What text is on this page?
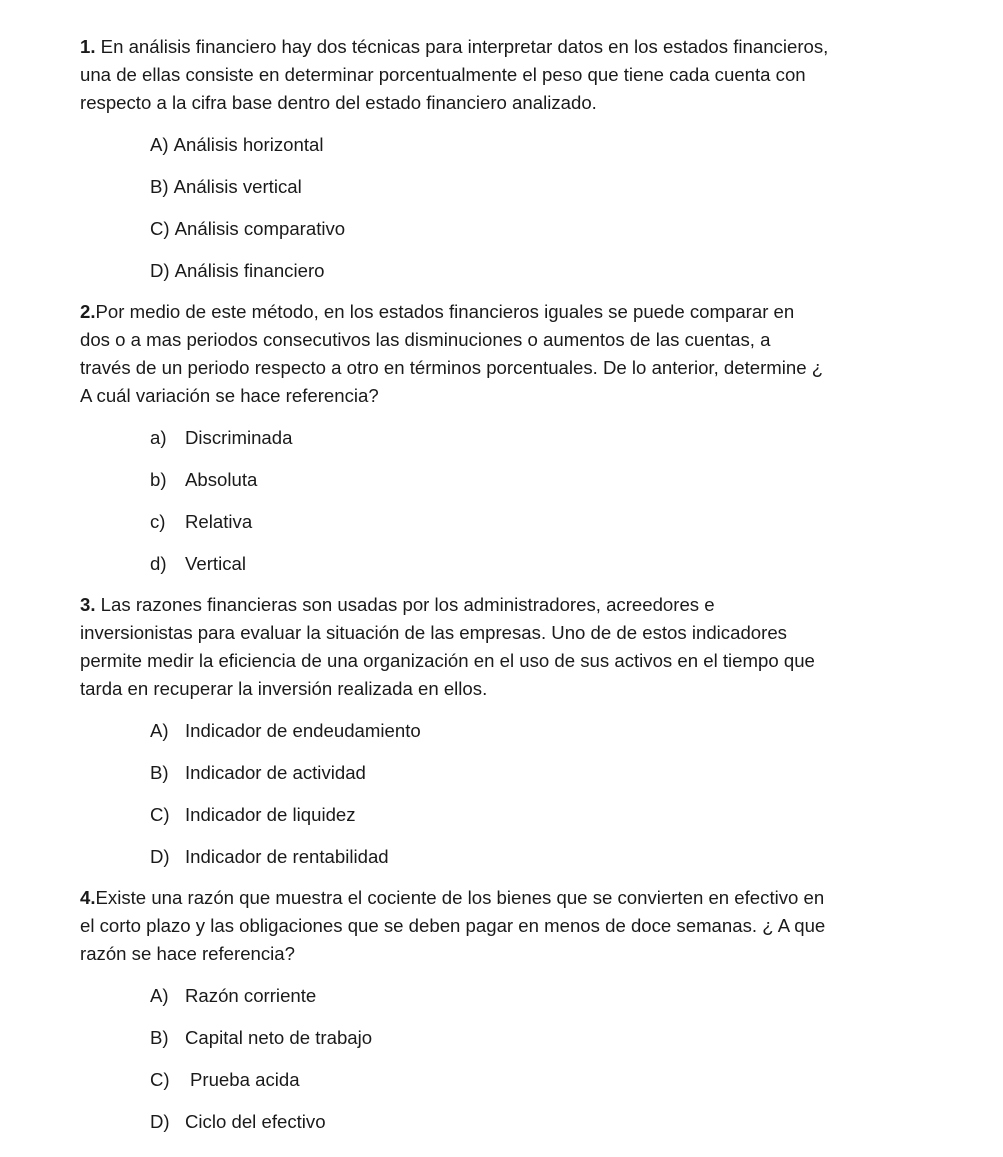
1. En análisis financiero hay dos técnicas para interpretar datos en los estados financieros,
una de ellas consiste en determinar porcentualmente el peso que tiene cada cuenta con
respecto a la cifra base dentro del estado financiero analizado.
A) Análisis horizontal
B) Análisis vertical
C) Análisis comparativo
D) Análisis financiero
2.Por medio de este método, en los estados financieros iguales se puede comparar en
dos o a mas periodos consecutivos las disminuciones o aumentos de las cuentas, a
través de un periodo respecto a otro en términos porcentuales. De lo anterior, determine ¿
A cuál variación se hace referencia?
a) Discriminada
b) Absoluta
c) Relativa
d) Vertical
3. Las razones financieras son usadas por los administradores, acreedores e
inversionistas para evaluar la situación de las empresas. Uno de de estos indicadores
permite medir la eficiencia de una organización en el uso de sus activos en el tiempo que
tarda en recuperar la inversión realizada en ellos.
A) Indicador de endeudamiento
B) Indicador de actividad
C) Indicador de liquidez
D) Indicador de rentabilidad
4.Existe una razón que muestra el cociente de los bienes que se convierten en efectivo en
el corto plazo y las obligaciones que se deben pagar en menos de doce semanas. ¿ A que
razón se hace referencia?
A) Razón corriente
B) Capital neto de trabajo
C) Prueba acida
D) Ciclo del efectivo
